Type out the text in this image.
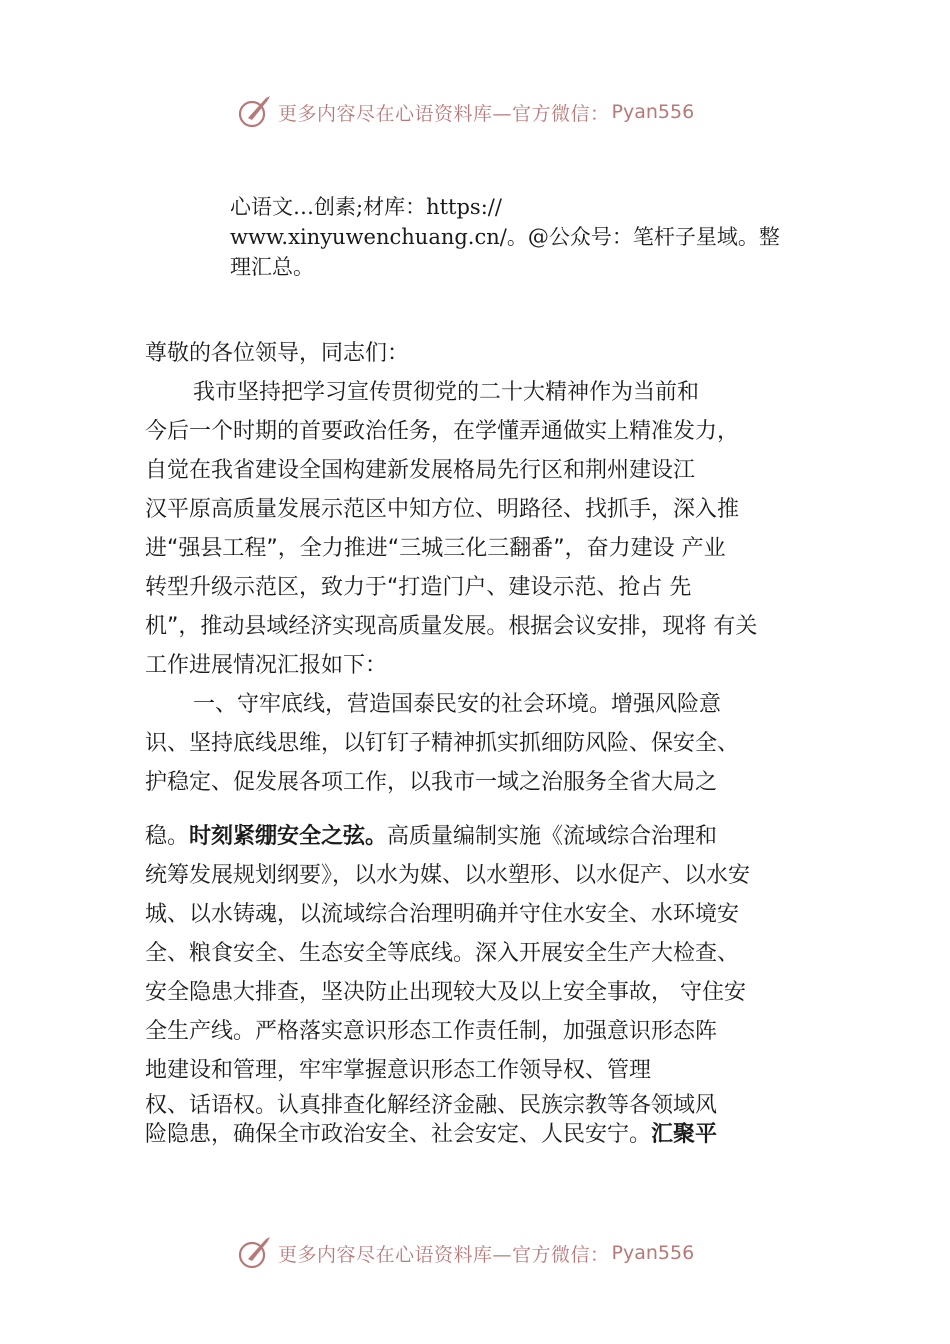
更多内容尽在心语资料库—官方微信： Pyan556
心语文…创素;材库：https://
www.xinyuwenchuang.cn/。@公众号：笔杆子星域。整
理汇总。
尊敬的各位领导，同志们：
我市坚持把学习宣传贯彻党的二十大精神作为当前和
今后一个时期的首要政治任务，在学懂弄通做实上精准发力，
自觉在我省建设全国构建新发展格局先行区和荆州建设江
汉平原高质量发展示范区中知方位、明路径、找抓手，深入推
进“强县工程”，全力推进“三城三化三翻番”，奋力建设 产业
转型升级示范区，致力于“打造门户、建设示范、抢占 先
机”，推动县域经济实现高质量发展。根据会议安排，现将 有关
工作进展情况汇报如下：
一、守牢底线，营造国泰民安的社会环境。增强风险意
识、坚持底线思维，以钉钉子精神抓实抓细防风险、保安全、
护稳定、促发展各项工作，以我市一域之治服务全省大局之
稳。时刻紧绷安全之弦。高质量编制实施《流域综合治理和
统筹发展规划纲要》，以水为媒、以水塑形、以水促产、以水安
城、以水铸魂，以流域综合治理明确并守住水安全、水环境安
全、粮食安全、生态安全等底线。深入开展安全生产大检查、
安全隐患大排查，坚决防止出现较大及以上安全事故， 守住安
全生产线。严格落实意识形态工作责任制，加强意识形态阵
地建设和管理，牢牢掌握意识形态工作领导权、管理
权、话语权。认真排查化解经济金融、民族宗教等各领域风
险隐患，确保全市政治安全、社会安定、人民安宁。汇聚平
更多内容尽在心语资料库—官方微信： Pyan556
